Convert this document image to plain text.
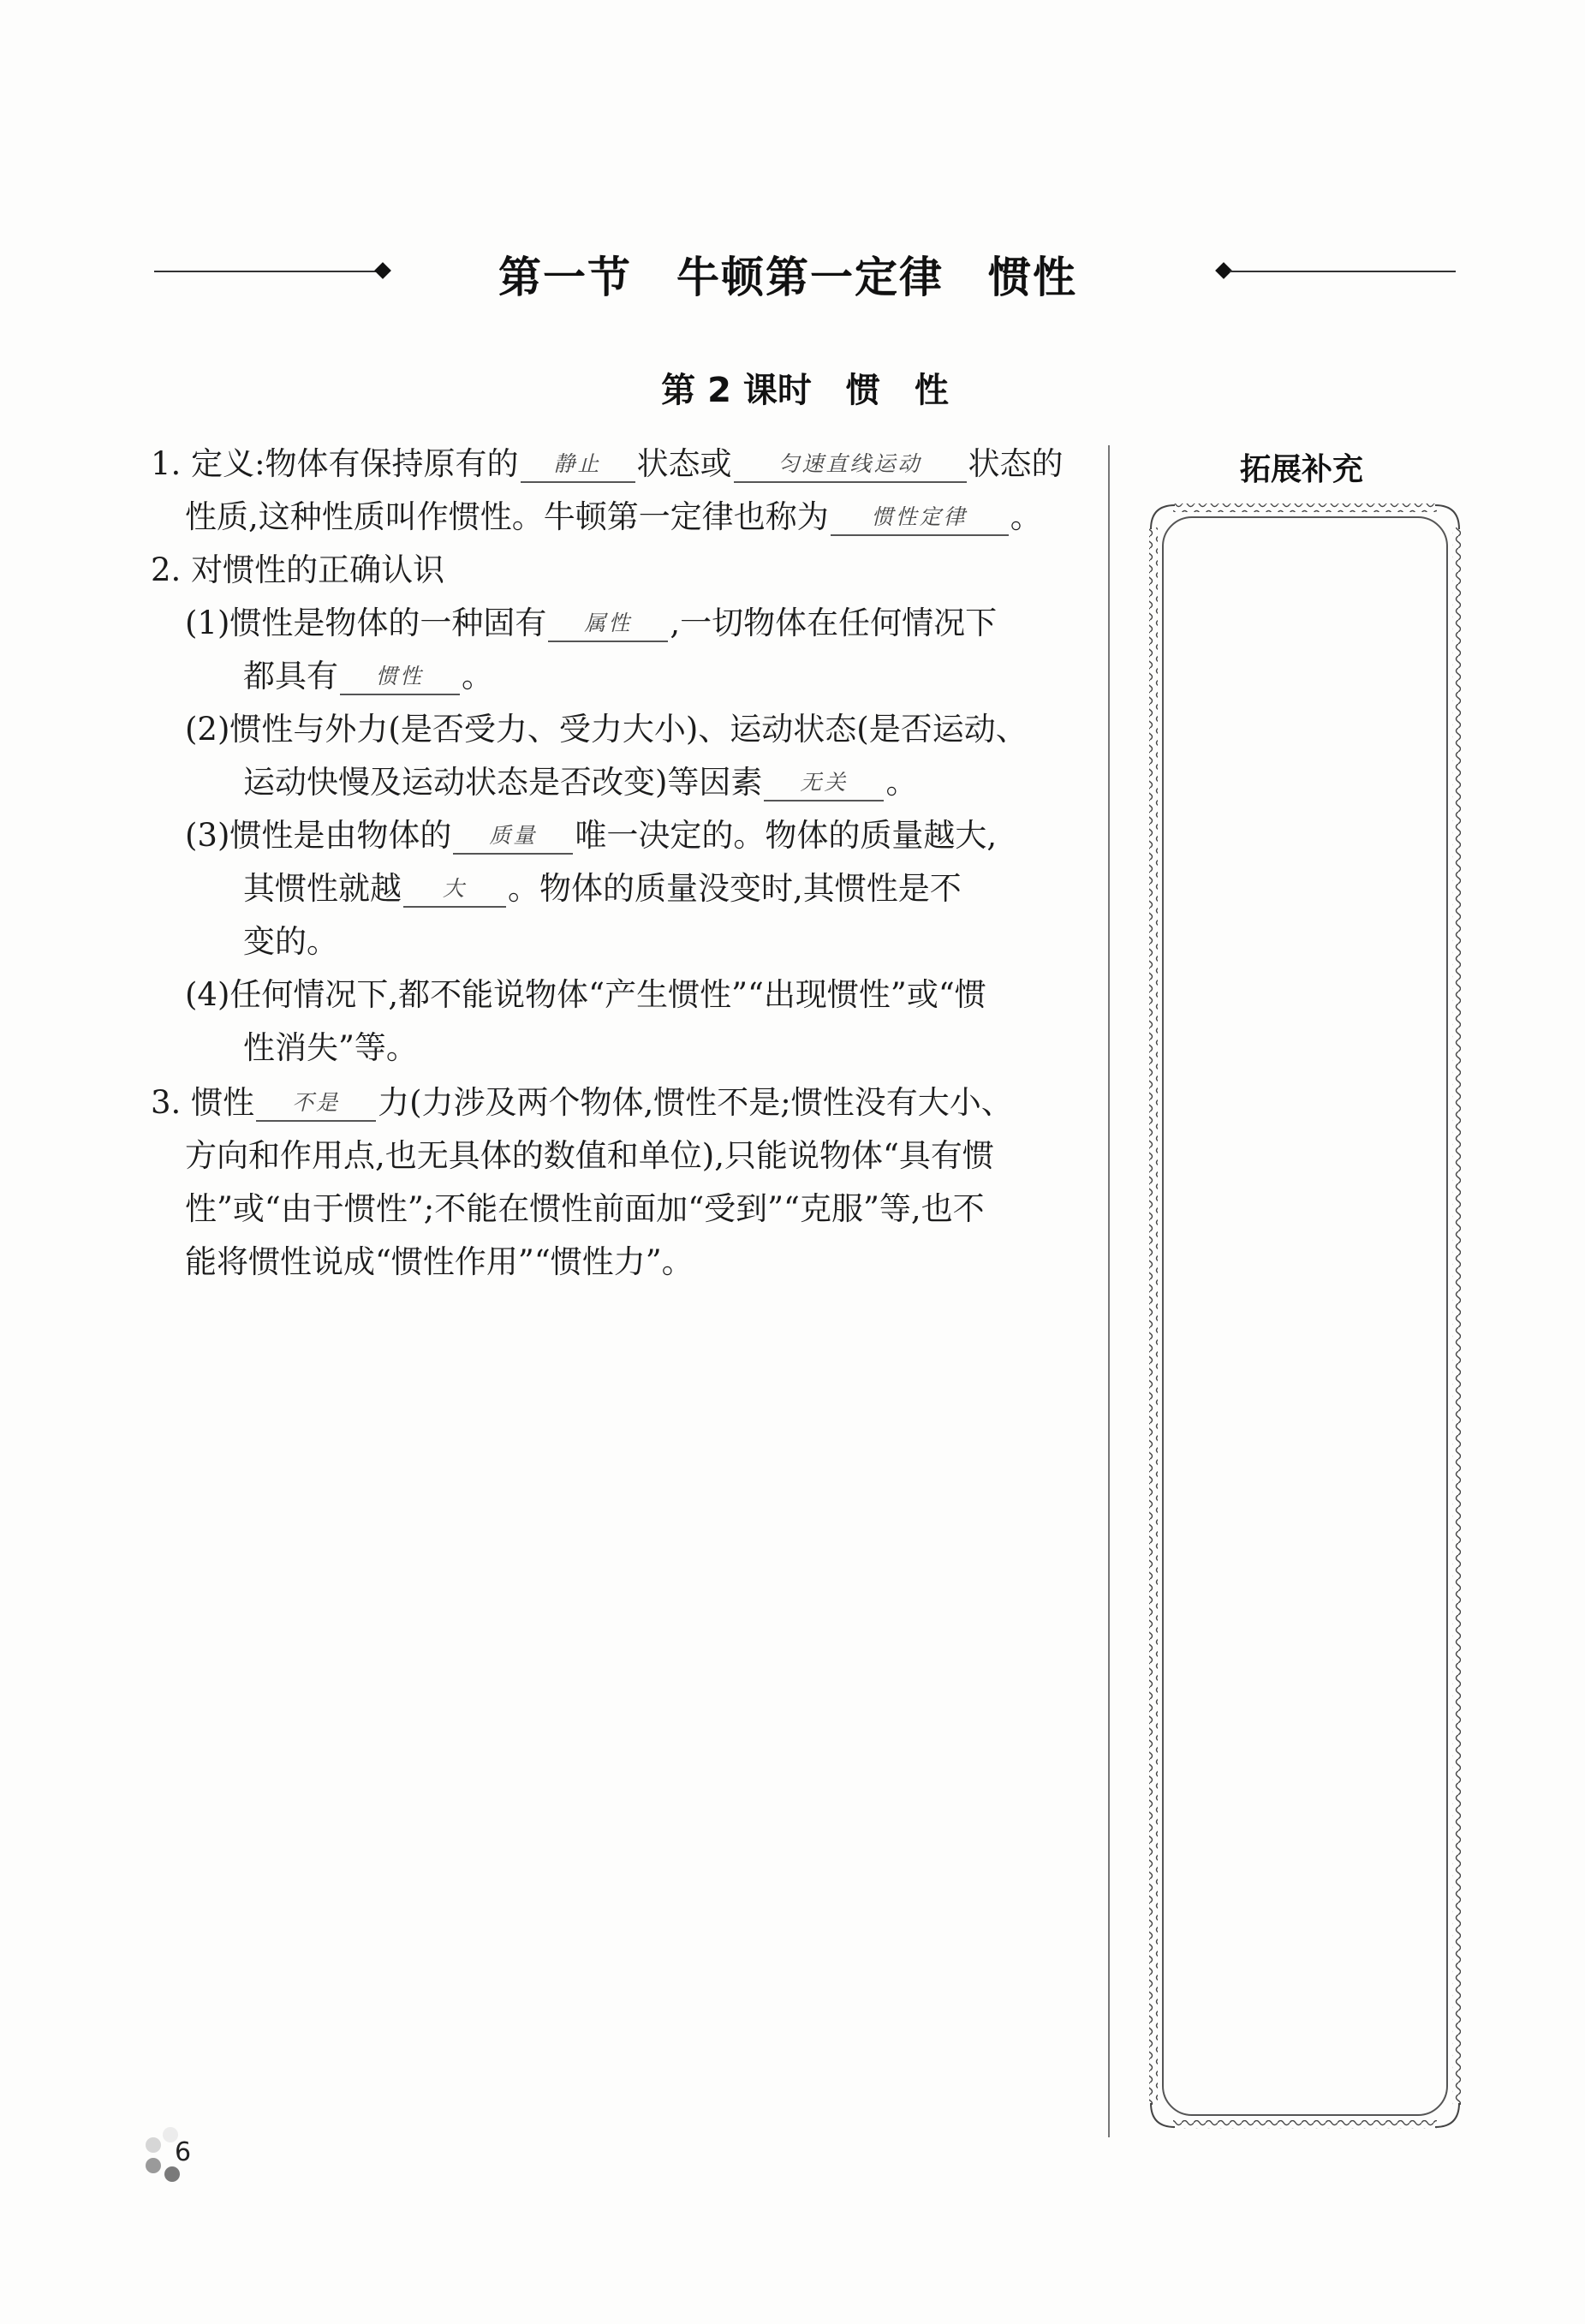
第一节　牛顿第一定律　惯性
第 2 课时　惯　性
1. 定义:物体有保持原有的 静止 状态或 匀速直线运动 状态的
性质,这种性质叫作惯性。牛顿第一定律也称为 惯性定律 。
2. 对惯性的正确认识
(1)惯性是物体的一种固有 属性 ,一切物体在任何情况下
都具有 惯性 。
(2)惯性与外力(是否受力、受力大小)、运动状态(是否运动、
运动快慢及运动状态是否改变)等因素 无关 。
(3)惯性是由物体的 质量 唯一决定的。物体的质量越大,
其惯性就越 大 。物体的质量没变时,其惯性是不
变的。
(4)任何情况下,都不能说物体“产生惯性”“出现惯性”或“惯
性消失”等。
3. 惯性 不是 力(力涉及两个物体,惯性不是;惯性没有大小、
方向和作用点,也无具体的数值和单位),只能说物体“具有惯
性”或“由于惯性”;不能在惯性前面加“受到”“克服”等,也不
能将惯性说成“惯性作用”“惯性力”。
拓展补充
6
